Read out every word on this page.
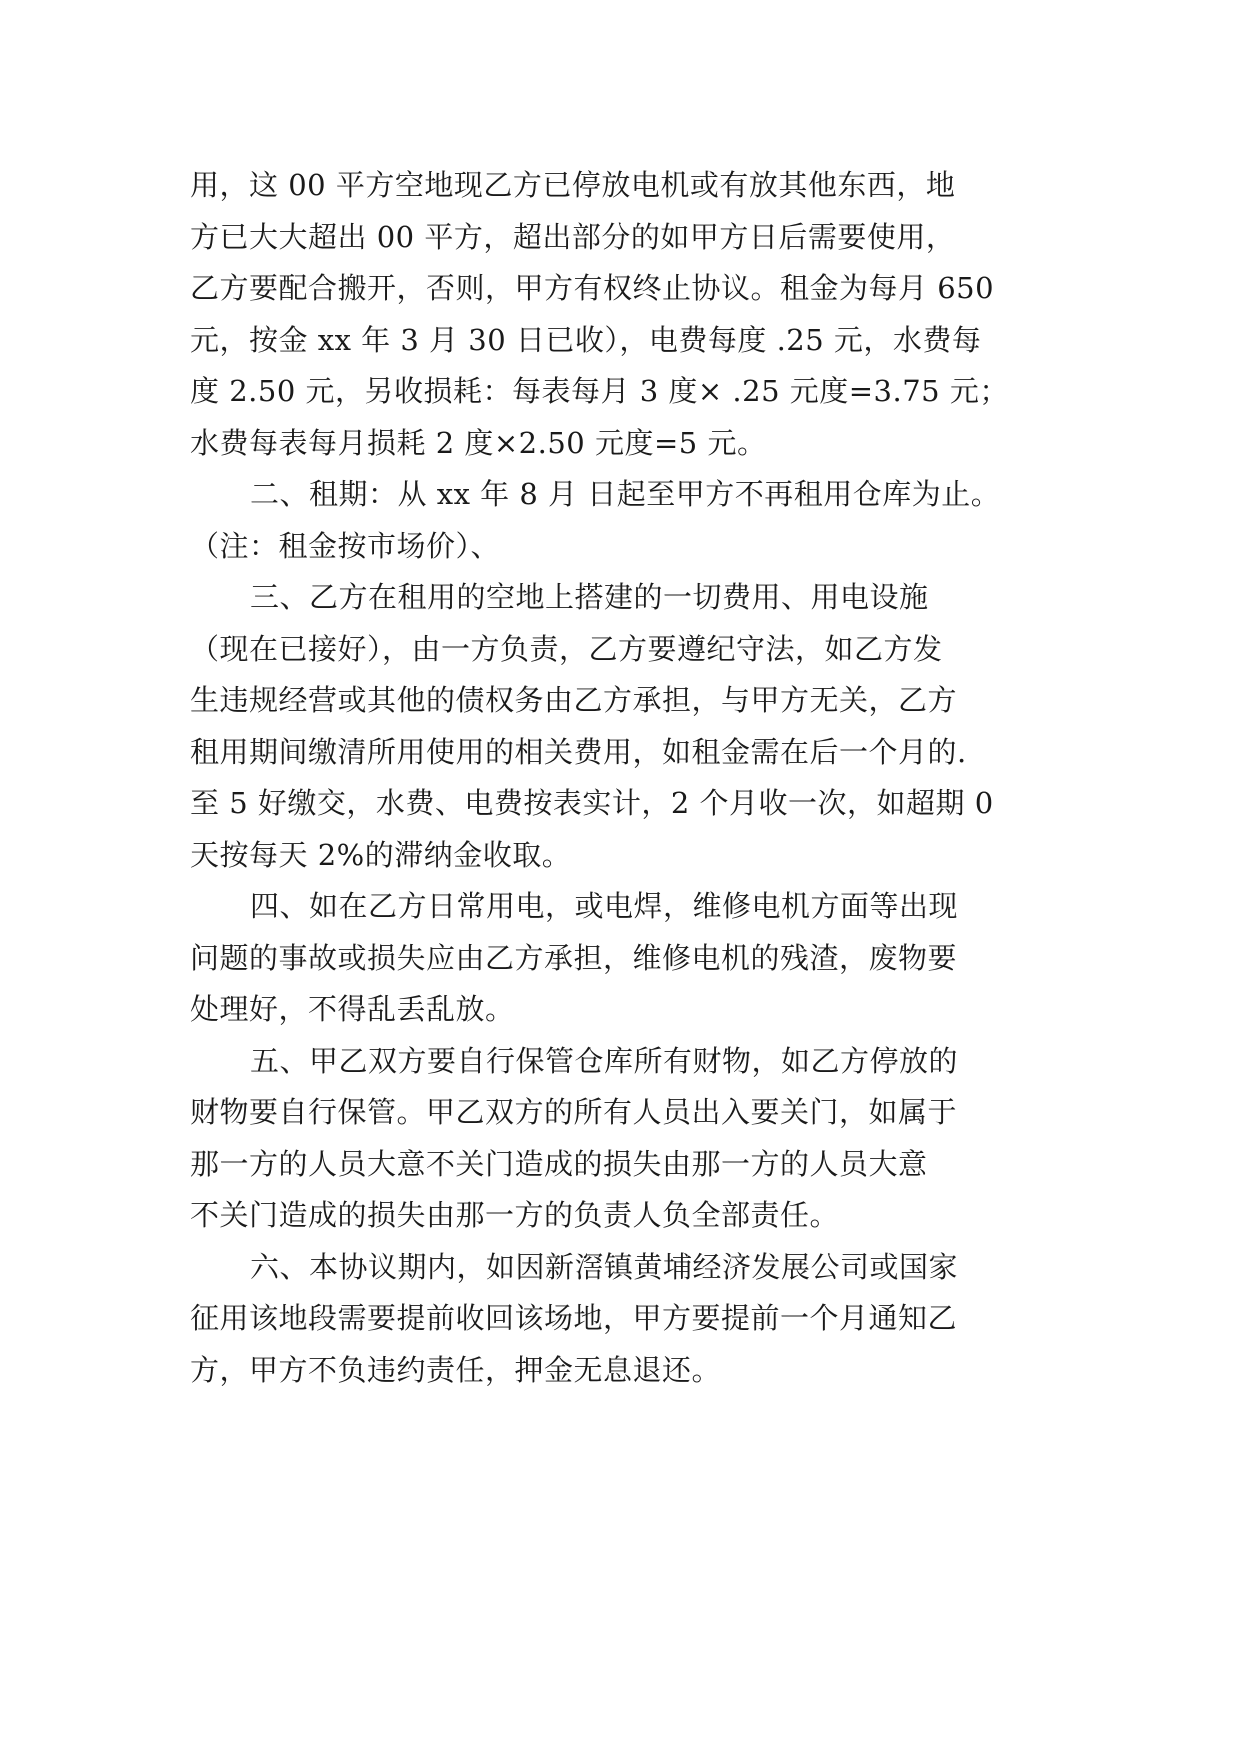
用，这 00 平方空地现乙方已停放电机或有放其他东西，地
方已大大超出 00 平方，超出部分的如甲方日后需要使用，
乙方要配合搬开，否则，甲方有权终止协议。租金为每月 650
元，按金 xx 年 3 月 30 日已收），电费每度 .25 元，水费每
度 2.50 元，另收损耗：每表每月 3 度× .25 元度=3.75 元；
水费每表每月损耗 2 度×2.50 元度=5 元。
二、租期：从 xx 年 8 月 日起至甲方不再租用仓库为止。
（注：租金按市场价）、
三、乙方在租用的空地上搭建的一切费用、用电设施
（现在已接好），由一方负责，乙方要遵纪守法，如乙方发
生违规经营或其他的债权务由乙方承担，与甲方无关，乙方
租用期间缴清所用使用的相关费用，如租金需在后一个月的.
至 5 好缴交，水费、电费按表实计，2 个月收一次，如超期 0
天按每天 2%的滞纳金收取。
四、如在乙方日常用电，或电焊，维修电机方面等出现
问题的事故或损失应由乙方承担，维修电机的残渣，废物要
处理好，不得乱丢乱放。
五、甲乙双方要自行保管仓库所有财物，如乙方停放的
财物要自行保管。甲乙双方的所有人员出入要关门，如属于
那一方的人员大意不关门造成的损失由那一方的人员大意
不关门造成的损失由那一方的负责人负全部责任。
六、本协议期内，如因新滘镇黄埔经济发展公司或国家
征用该地段需要提前收回该场地，甲方要提前一个月通知乙
方，甲方不负违约责任，押金无息退还。
